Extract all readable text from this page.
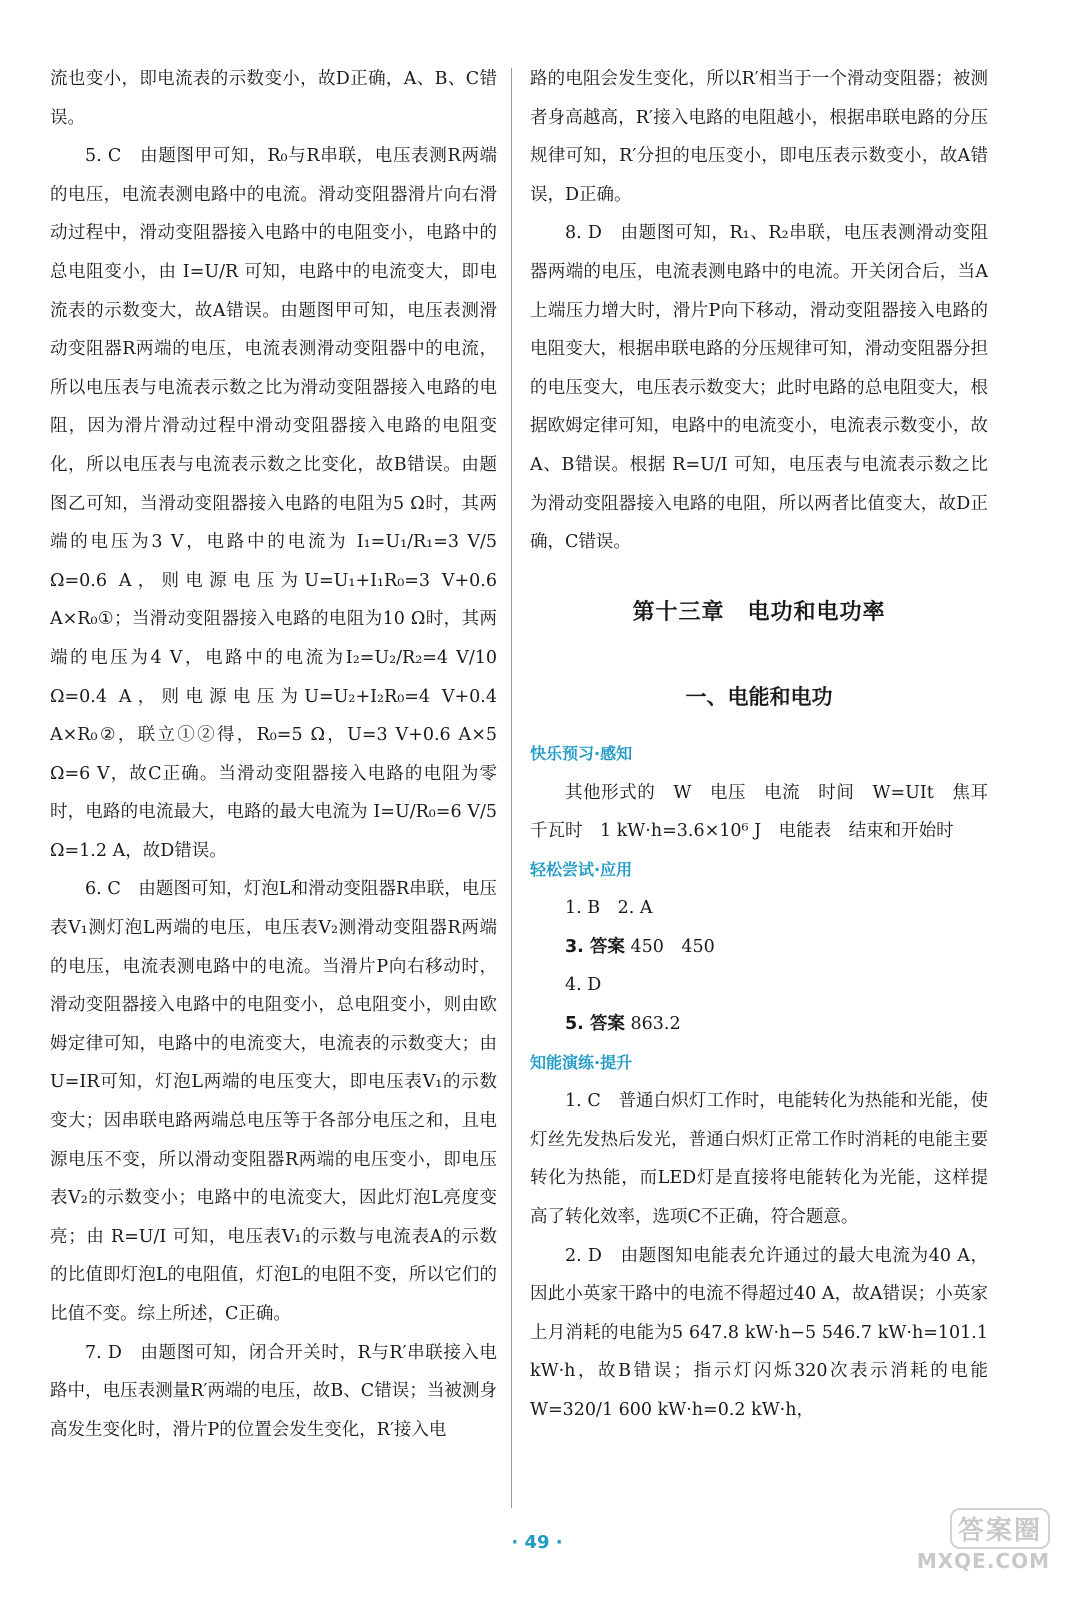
流也变小，即电流表的示数变小，故D正确，A、B、C错误。

5. C　由题图甲可知，R₀与R串联，电压表测R两端的电压，电流表测电路中的电流。滑动变阻器滑片向右滑动过程中，滑动变阻器接入电路中的电阻变小，电路中的总电阻变小，由 I=U/R 可知，电路中的电流变大，即电流表的示数变大，故A错误。由题图甲可知，电压表测滑动变阻器R两端的电压，电流表测滑动变阻器中的电流，所以电压表与电流表示数之比为滑动变阻器接入电路的电阻，因为滑片滑动过程中滑动变阻器接入电路的电阻变化，所以电压表与电流表示数之比变化，故B错误。由题图乙可知，当滑动变阻器接入电路的电阻为5 Ω时，其两端的电压为3 V，电路中的电流为 I₁=U₁/R₁=3 V/5 Ω=0.6 A，则电源电压为U=U₁+I₁R₀=3 V+0.6 A×R₀①；当滑动变阻器接入电路的电阻为10 Ω时，其两端的电压为4 V，电路中的电流为I₂=U₂/R₂=4 V/10 Ω=0.4 A，则电源电压为U=U₂+I₂R₀=4 V+0.4 A×R₀②，联立①②得，R₀=5 Ω，U=3 V+0.6 A×5 Ω=6 V，故C正确。当滑动变阻器接入电路的电阻为零时，电路的电流最大，电路的最大电流为 I=U/R₀=6 V/5 Ω=1.2 A，故D错误。

6. C　由题图可知，灯泡L和滑动变阻器R串联，电压表V₁测灯泡L两端的电压，电压表V₂测滑动变阻器R两端的电压，电流表测电路中的电流。当滑片P向右移动时，滑动变阻器接入电路中的电阻变小，总电阻变小，则由欧姆定律可知，电路中的电流变大，电流表的示数变大；由U=IR可知，灯泡L两端的电压变大，即电压表V₁的示数变大；因串联电路两端总电压等于各部分电压之和，且电源电压不变，所以滑动变阻器R两端的电压变小，即电压表V₂的示数变小；电路中的电流变大，因此灯泡L亮度变亮；由 R=U/I 可知，电压表V₁的示数与电流表A的示数的比值即灯泡L的电阻值，灯泡L的电阻不变，所以它们的比值不变。综上所述，C正确。

7. D　由题图可知，闭合开关时，R与R′串联接入电路中，电压表测量R′两端的电压，故B、C错误；当被测身高发生变化时，滑片P的位置会发生变化，R′接入电

路的电阻会发生变化，所以R′相当于一个滑动变阻器；被测者身高越高，R′接入电路的电阻越小，根据串联电路的分压规律可知，R′分担的电压变小，即电压表示数变小，故A错误，D正确。

8. D　由题图可知，R₁、R₂串联，电压表测滑动变阻器两端的电压，电流表测电路中的电流。开关闭合后，当A上端压力增大时，滑片P向下移动，滑动变阻器接入电路的电阻变大，根据串联电路的分压规律可知，滑动变阻器分担的电压变大，电压表示数变大；此时电路的总电阻变大，根据欧姆定律可知，电路中的电流变小，电流表示数变小，故A、B错误。根据 R=U/I 可知，电压表与电流表示数之比为滑动变阻器接入电路的电阻，所以两者比值变大，故D正确，C错误。

第十三章　电功和电功率
一、电能和电功

快乐预习·感知

其他形式的　W　电压　电流　时间　W=UIt　焦耳　千瓦时　1 kW·h=3.6×10⁶ J　电能表　结束和开始时

轻松尝试·应用

1. B　2. A

3. 答案 450　450

4. D

5. 答案 863.2

知能演练·提升

1. C　普通白炽灯工作时，电能转化为热能和光能，使灯丝先发热后发光，普通白炽灯正常工作时消耗的电能主要转化为热能，而LED灯是直接将电能转化为光能，这样提高了转化效率，选项C不正确，符合题意。

2. D　由题图知电能表允许通过的最大电流为40 A，因此小英家干路中的电流不得超过40 A，故A错误；小英家上月消耗的电能为5 647.8 kW·h−5 546.7 kW·h=101.1 kW·h，故B错误；指示灯闪烁320次表示消耗的电能W=320/1 600 kW·h=0.2 kW·h，

· 49 ·	答案圈
MXQE.COM
